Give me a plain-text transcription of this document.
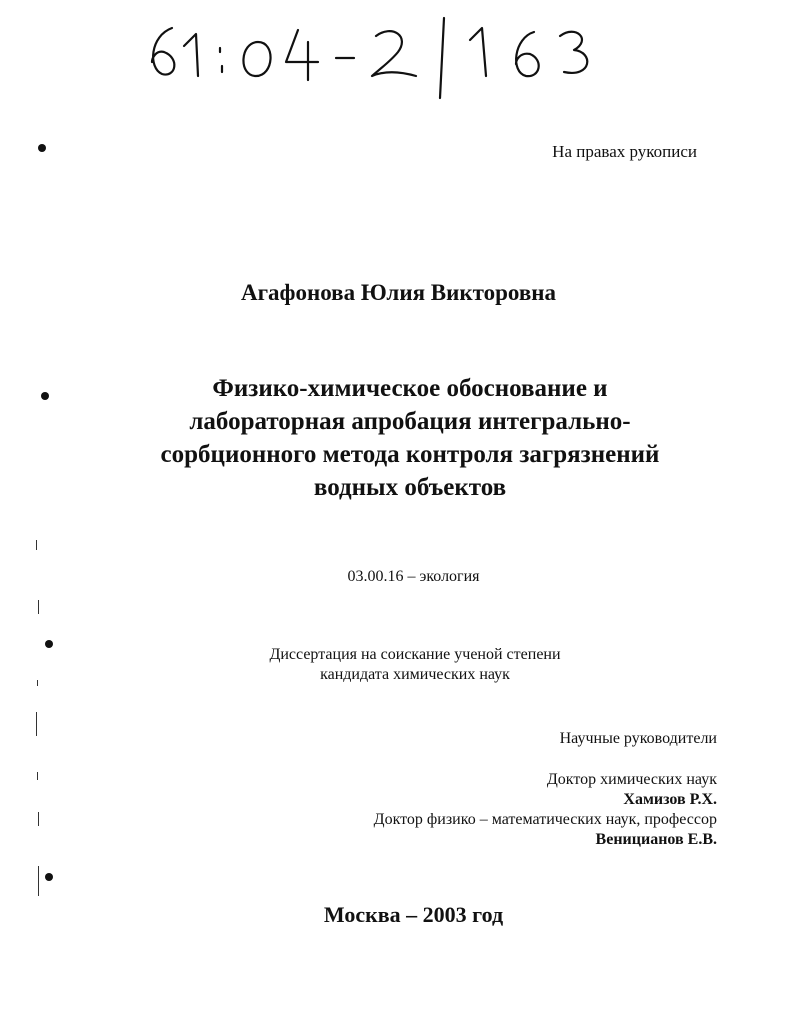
На правах рукописи
Агафонова Юлия Викторовна
Физико-химическое обоснование и
лабораторная апробация интегрально-
сорбционного метода контроля загрязнений
водных объектов
03.00.16 – экология
Диссертация на соискание ученой степени
кандидата химических наук
Научные руководители
Доктор химических наук
Хамизов Р.Х.
Доктор физико – математических наук, профессор
Веницианов Е.В.
Москва – 2003 год
